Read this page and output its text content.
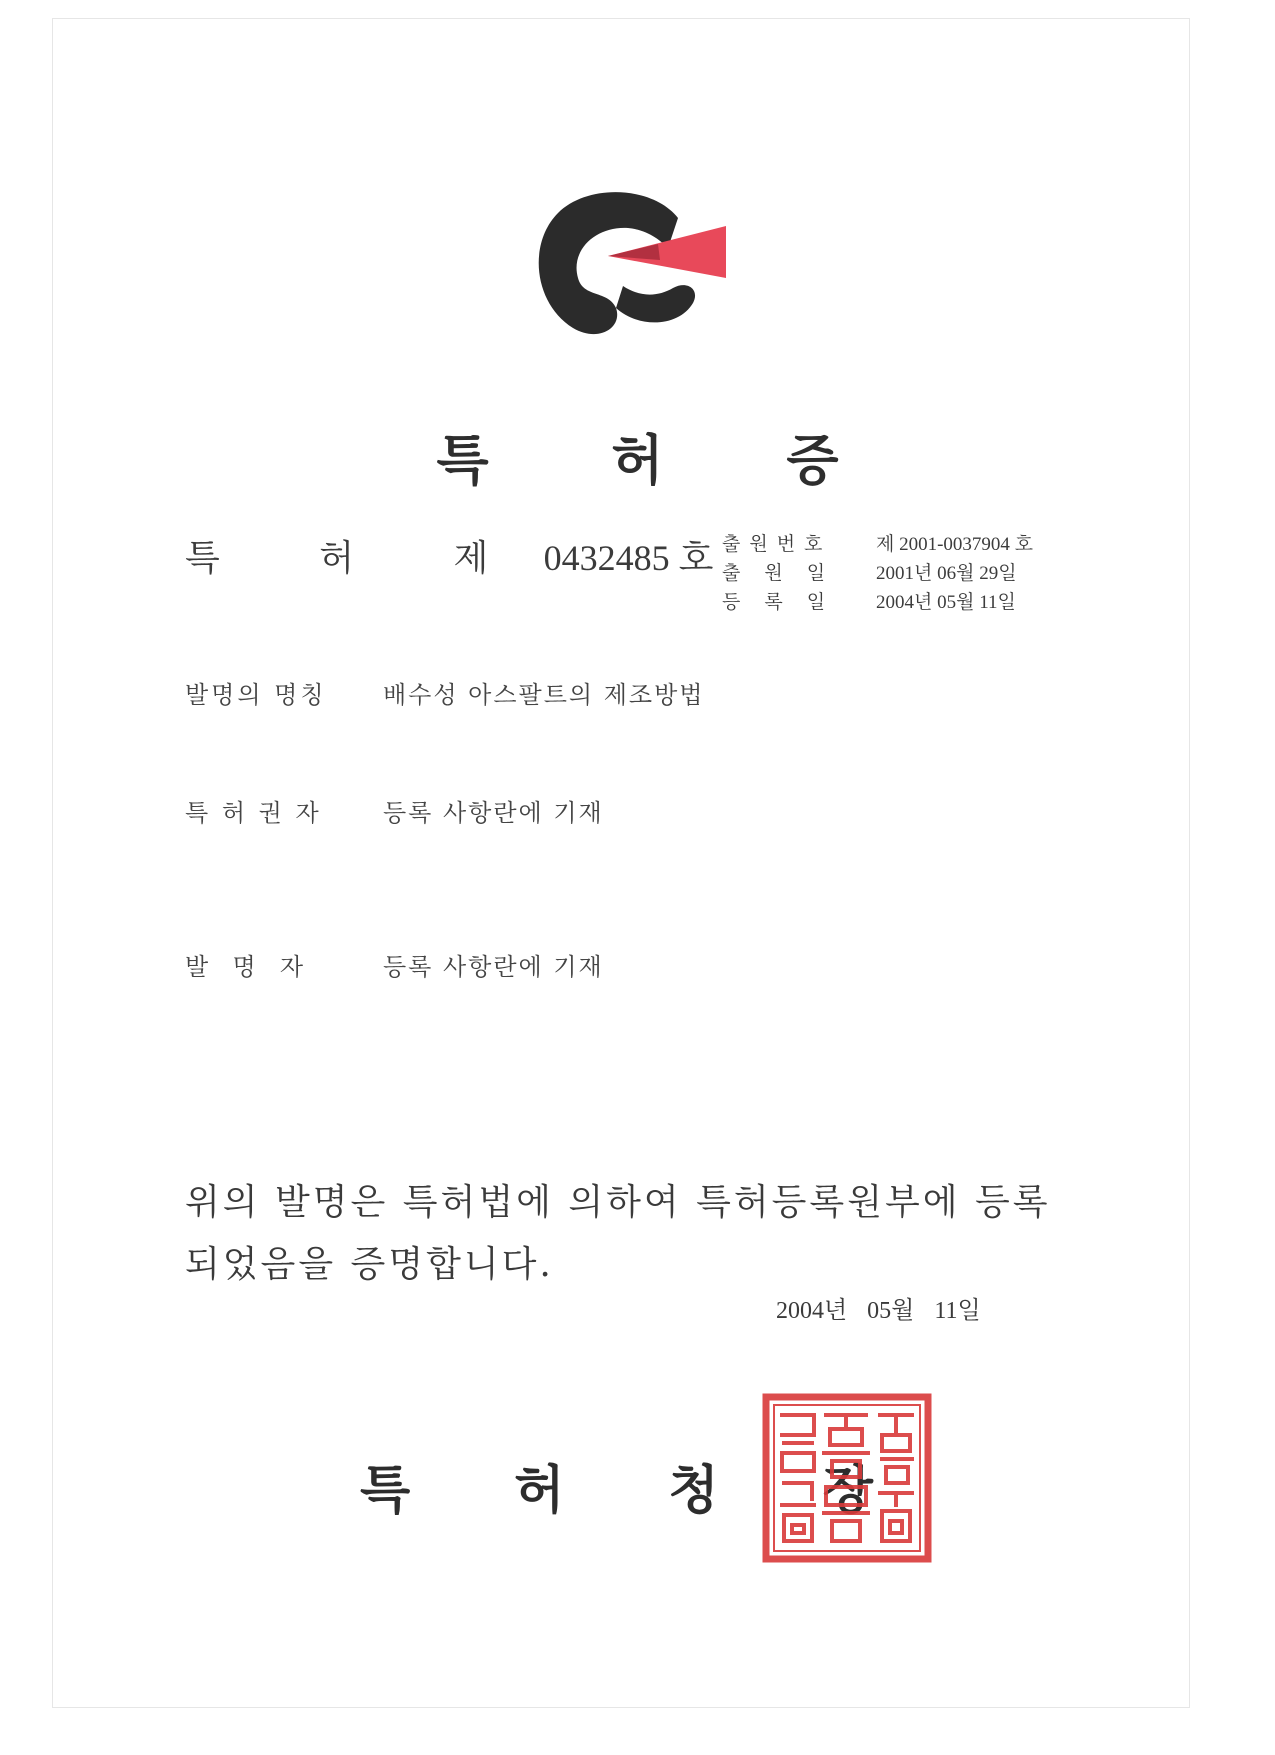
특 허 증
특 허 제 0432485 호 출원번호	제 2001-0037904 호
출 원 일	2001년 06월 29일
등 록 일	2004년 05월 11일
발명의 명칭	배수성 아스팔트의 제조방법
특 허 권 자	등록 사항란에 기재
발  명  자	등록 사항란에 기재
위의 발명은 특허법에 의하여 특허등록원부에 등록
되었음을 증명합니다.
2004년 05월 11일
특허청장
